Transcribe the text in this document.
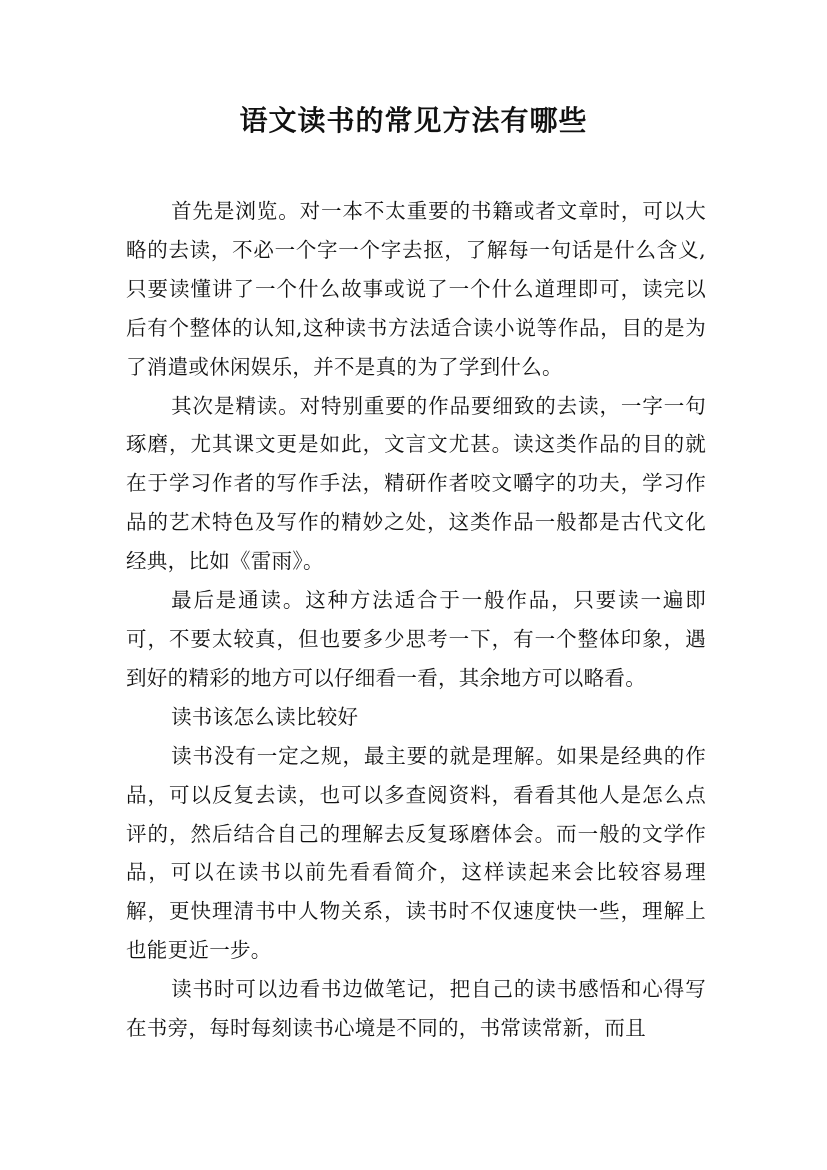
语文读书的常见方法有哪些

首先是浏览。对一本不太重要的书籍或者文章时，可以大略的去读，不必一个字一个字去抠，了解每一句话是什么含义,只要读懂讲了一个什么故事或说了一个什么道理即可，读完以后有个整体的认知,这种读书方法适合读小说等作品，目的是为了消遣或休闲娱乐，并不是真的为了学到什么。

其次是精读。对特别重要的作品要细致的去读，一字一句琢磨，尤其课文更是如此，文言文尤甚。读这类作品的目的就在于学习作者的写作手法，精研作者咬文嚼字的功夫，学习作品的艺术特色及写作的精妙之处，这类作品一般都是古代文化经典，比如《雷雨》。

最后是通读。这种方法适合于一般作品，只要读一遍即可，不要太较真，但也要多少思考一下，有一个整体印象，遇到好的精彩的地方可以仔细看一看，其余地方可以略看。

读书该怎么读比较好

读书没有一定之规，最主要的就是理解。如果是经典的作品，可以反复去读，也可以多查阅资料，看看其他人是怎么点评的，然后结合自己的理解去反复琢磨体会。而一般的文学作品，可以在读书以前先看看简介，这样读起来会比较容易理解，更快理清书中人物关系，读书时不仅速度快一些，理解上也能更近一步。

读书时可以边看书边做笔记，把自己的读书感悟和心得写在书旁，每时每刻读书心境是不同的，书常读常新，而且
